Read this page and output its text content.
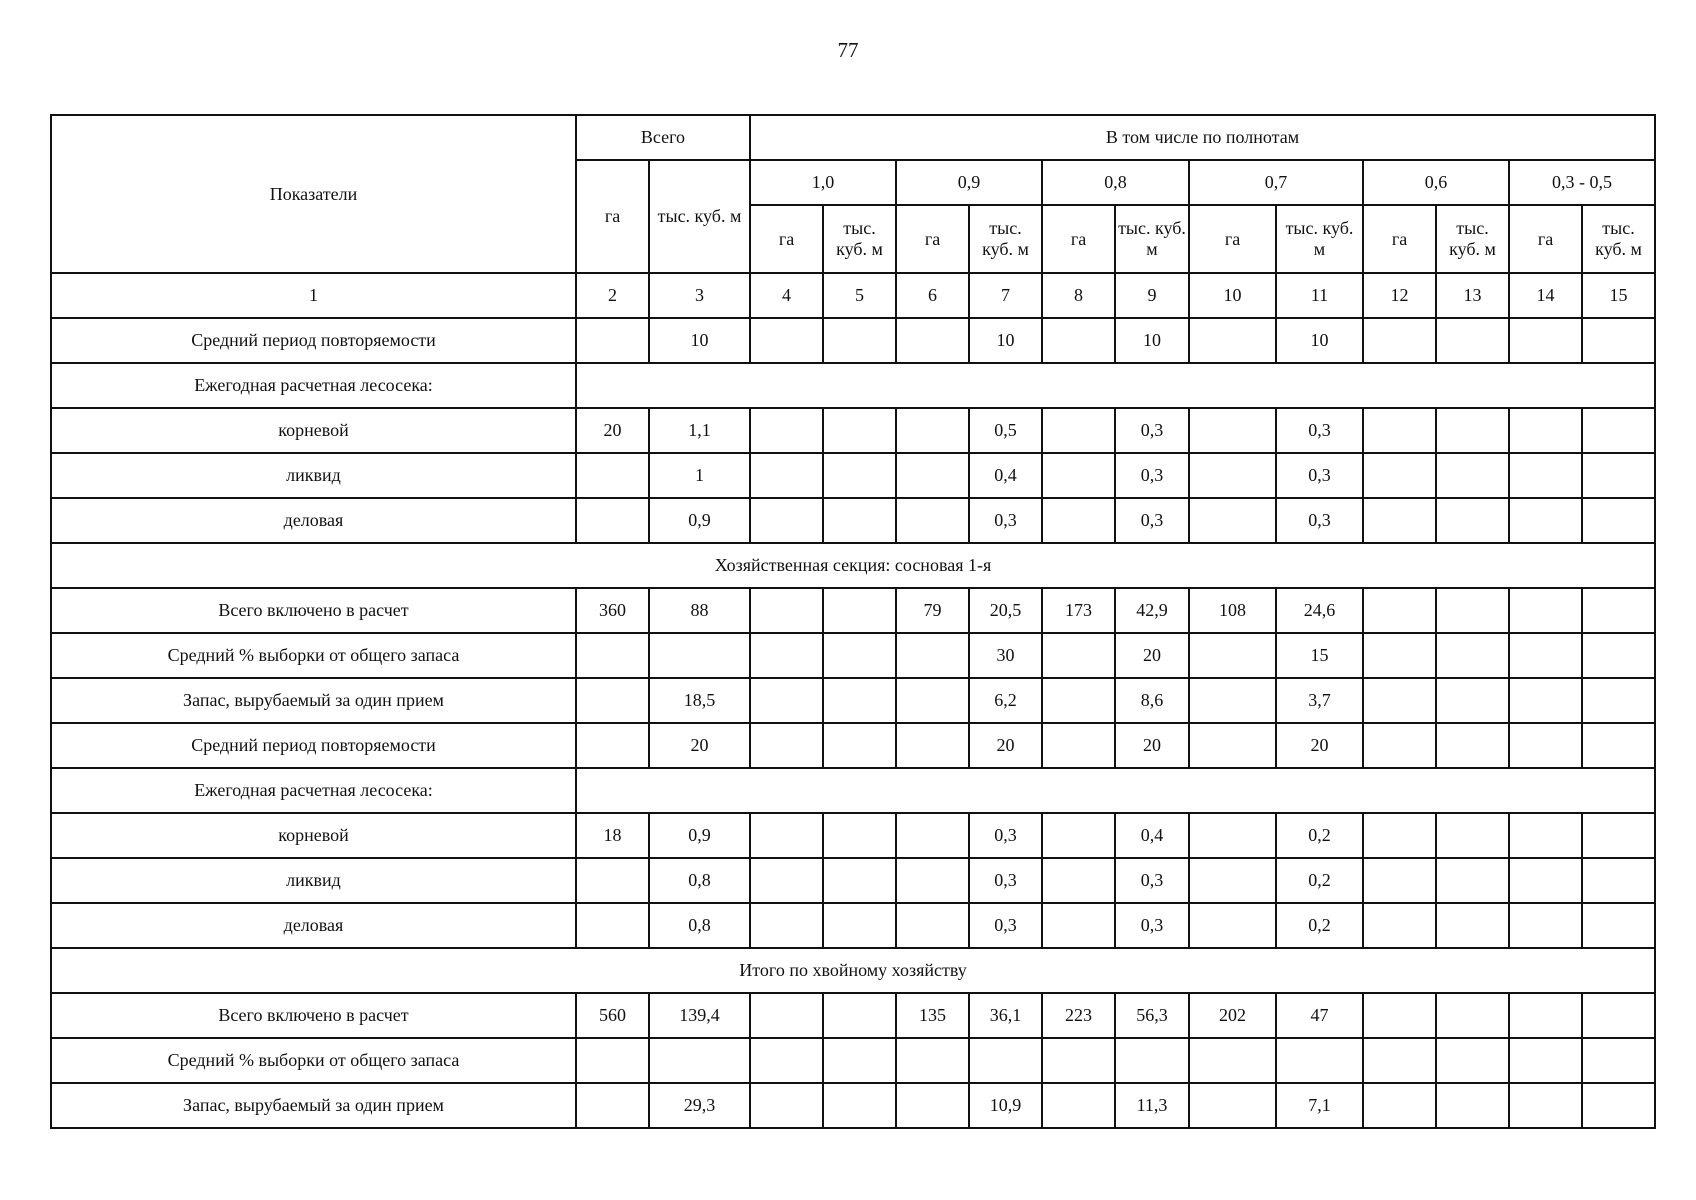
77
Показатели	Всего		В том числе по полнотам											
	га	тыс. куб. м	1,0		0,9		0,8		0,7		0,6		0,3 - 0,5	
			га	тыс. куб. м	га	тыс. куб. м	га	тыс. куб. м	га	тыс. куб. м	га	тыс. куб. м	га	тыс. куб. м
1	2	3	4	5	6	7	8	9	10	11	12	13	14	15
Средний период повторяемости		10				10		10		10				
Ежегодная расчетная лесосека:														
корневой	20	1,1				0,5		0,3		0,3				
ликвид		1				0,4		0,3		0,3				
деловая		0,9				0,3		0,3		0,3				
Хозяйственная секция: сосновая 1-я														
Всего включено в расчет	360	88			79	20,5	173	42,9	108	24,6				
Средний % выборки от общего запаса						30		20		15				
Запас, вырубаемый за один прием		18,5				6,2		8,6		3,7				
Средний период повторяемости		20				20		20		20				
Ежегодная расчетная лесосека:														
корневой	18	0,9				0,3		0,4		0,2				
ликвид		0,8				0,3		0,3		0,2				
деловая		0,8				0,3		0,3		0,2				
Итого по хвойному хозяйству														
Всего включено в расчет	560	139,4			135	36,1	223	56,3	202	47				
Средний % выборки от общего запаса														
Запас, вырубаемый за один прием		29,3				10,9		11,3		7,1				
